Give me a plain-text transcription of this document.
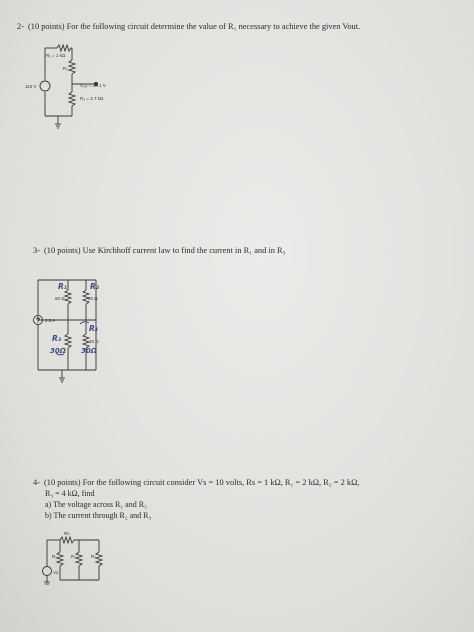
2- (10 points) For the following circuit determine the value of R₁ necessary to achieve the given Vout.
R₁ = 1 kΩ
R₂
110 V	Vₒᵤₜ = 38.1 V
R₃ = 2.7 kΩ
3- (10 points) Use Kirchhoff current law to find the current in R₁ and in R₃
R₁	R₂
60 Ω	30 Ω
2.5 A
R₃
R₄
30Ω
30 Ω
30Ω
4- (10 points) For the following circuit consider Vs = 10 volts, Rs = 1 kΩ, R₁ = 2 kΩ, R₂ = 2 kΩ,
R₃ = 4 kΩ, find
a) The voltage across R₁ and R₃
b) The current through R₂ and R₃
Rs
R₁	R₂	R₃
Vs
